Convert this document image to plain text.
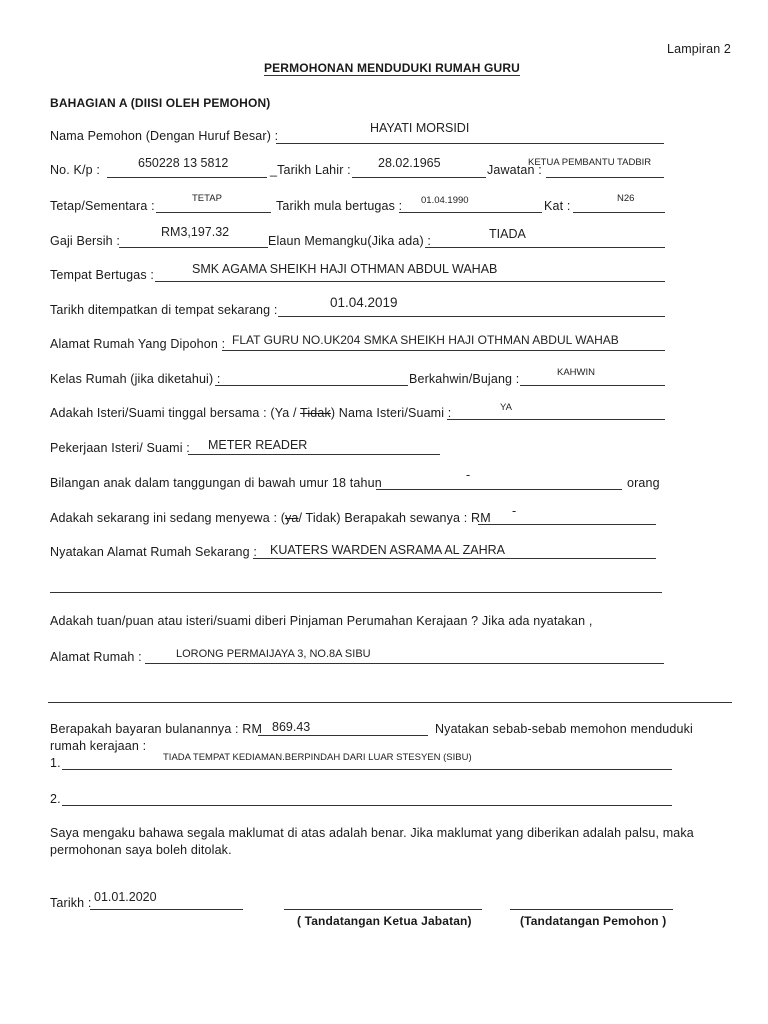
Lampiran 2
PERMOHONAN MENDUDUKI RUMAH GURU
BAHAGIAN A (DIISI OLEH PEMOHON)
Nama Pemohon (Dengan Huruf Besar) :
HAYATI MORSIDI
No. K/p :	650228 13 5812	_Tarikh Lahir : 28.02.1965	Jawatan :
KETUA PEMBANTU TADBIR
Tetap/Sementara :
TETAP
Tarikh mula bertugas : 01.04.1990	Kat :
N26
Gaji Bersih :
RM3,197.32
Elaun Memangku(Jika ada) :	TIADA
Tempat Bertugas :	SMK AGAMA SHEIKH HAJI OTHMAN ABDUL WAHAB
Tarikh ditempatkan di tempat sekarang :	01.04.2019
Alamat Rumah Yang Dipohon : FLAT GURU NO.UK204 SMKA SHEIKH HAJI OTHMAN ABDUL WAHAB
Kelas Rumah (jika diketahui) :	Berkahwin/Bujang :	KAHWIN
Adakah Isteri/Suami tinggal bersama : (Ya / Tidak) Nama Isteri/Suami :	YA
Pekerjaan Isteri/ Suami : METER READER
Bilangan anak dalam tanggungan di bawah umur 18 tahun
-
orang
Adakah sekarang ini sedang menyewa : (ya/ Tidak) Berapakah sewanya : RM -
Nyatakan Alamat Rumah Sekarang : KUATERS WARDEN ASRAMA AL ZAHRA
Adakah tuan/puan atau isteri/suami diberi Pinjaman Perumahan Kerajaan ? Jika ada nyatakan ,
Alamat Rumah :	LORONG PERMAIJAYA 3, NO.8A SIBU
Berapakah bayaran bulanannya : RM 869.43	Nyatakan sebab-sebab memohon menduduki
rumah kerajaan :
1.	TIADA TEMPAT KEDIAMAN.BERPINDAH DARI LUAR STESYEN (SIBU)
2.
Saya mengaku bahawa segala maklumat di atas adalah benar. Jika maklumat yang diberikan adalah palsu, maka
permohonan saya boleh ditolak.
Tarikh : 01.01.2020
( Tandatangan Ketua Jabatan)	(Tandatangan Pemohon )
